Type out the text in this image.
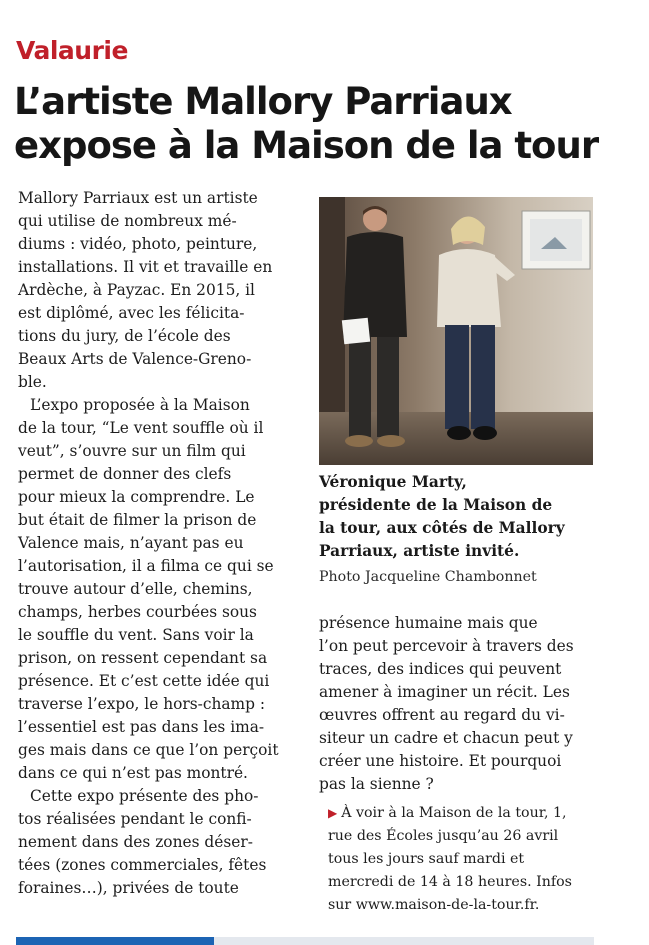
Valaurie
L’artiste Mallory Parriaux
expose à la Maison de la tour
Mallory Parriaux est un artiste
qui utilise de nombreux mé-
diums : vidéo, photo, peinture,
installations. Il vit et travaille en
Ardèche, à Payzac. En 2015, il
est diplômé, avec les félicita-
tions du jury, de l’école des
Beaux Arts de Valence-Greno-
ble.
L’expo proposée à la Maison
de la tour, “Le vent souffle où il
veut”, s’ouvre sur un film qui
permet de donner des clefs
pour mieux la comprendre. Le
but était de filmer la prison de
Valence mais, n’ayant pas eu
l’autorisation, il a filma ce qui se
trouve autour d’elle, chemins,
champs, herbes courbées sous
le souffle du vent. Sans voir la
prison, on ressent cependant sa
présence. Et c’est cette idée qui
traverse l’expo, le hors-champ :
l’essentiel est pas dans les ima-
ges mais dans ce que l’on perçoit
dans ce qui n’est pas montré.
Cette expo présente des pho-
tos réalisées pendant le confi-
nement dans des zones déser-
tées (zones commerciales, fêtes
foraines…), privées de toute
Véronique Marty,
présidente de la Maison de
la tour, aux côtés de Mallory
Parriaux, artiste invité.
Photo Jacqueline Chambonnet
présence humaine mais que
l’on peut percevoir à travers des
traces, des indices qui peuvent
amener à imaginer un récit. Les
œuvres offrent au regard du vi-
siteur un cadre et chacun peut y
créer une histoire. Et pourquoi
pas la sienne ?
▶ À voir à la Maison de la tour, 1,
rue des Écoles jusqu’au 26 avril
tous les jours sauf mardi et
mercredi de 14 à 18 heures. Infos
sur www.maison-de-la-tour.fr.
